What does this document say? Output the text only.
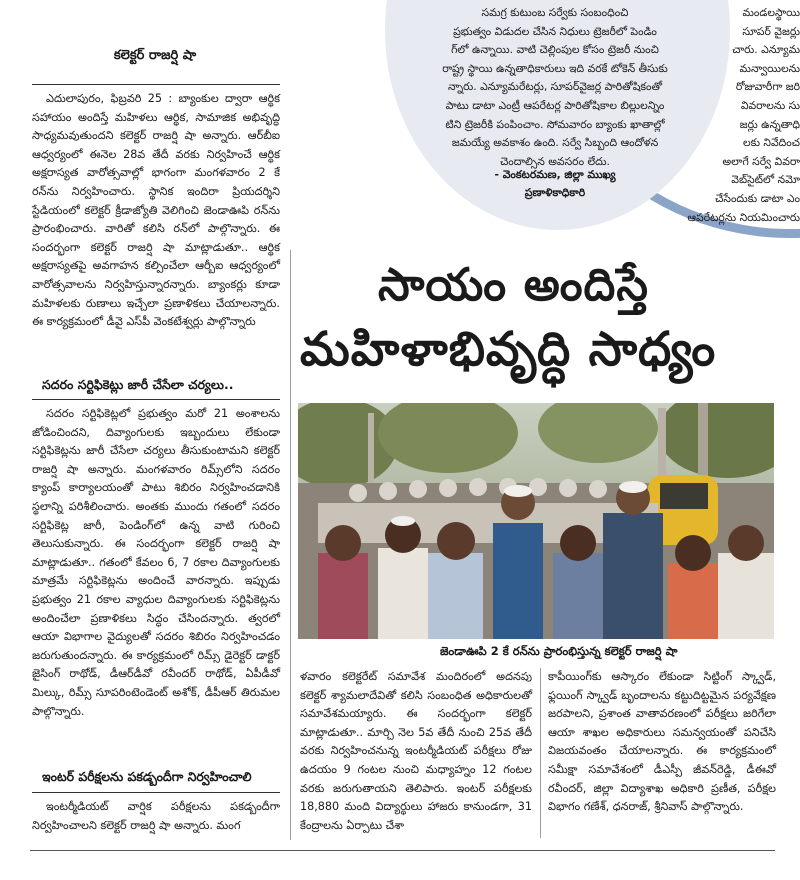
సమగ్ర కుటుంబ సర్వేకు సంబంధించి
ప్రభుత్వం విడుదల చేసిన నిధులు ట్రెజరీలో పెండిం
గ్‌లో ఉన్నాయి. వాటి చెల్లింపుల కోసం ట్రెజరీ నుంచి
రాష్ట్ర స్థాయి ఉన్నతాధికారులు ఇది వరకే టోకెన్ తీసుకు
న్నారు. ఎన్యూమరేటర్లు, సూపర్‌వైజర్ల పారితోషికంతో
పాటు డాటా ఎంట్రీ ఆపరేటర్ల పారితోషికాల బిల్లులన్నిం
టిని ట్రెజరీకి పంపించాం. సోమవారం బ్యాంకు ఖాతాల్లో
జమయ్యే అవకాశం ఉంది. సర్వే సిబ్బంది ఆందోళన
చెందాల్సిన అవసరం లేదు.
- వెంకటరమణ, జిల్లా ముఖ్య
ప్రణాళికాధికారి
మండలస్థాయి
సూపర్ వైజర్లు
చారు. ఎన్యూమ
మన్వాయిలను
రోజువారీగా జరి
వివరాలను సు
జర్లు ఉన్నతాధి
లకు నివేదించ
అలాగే సర్వే వివరా
వెబ్‌సైట్‌లో నమో
చేసేందుకు డాటా ఎం
ఆపరేటర్లను నియమించారు
కలెక్టర్ రాజర్షి షా

ఎదులాపురం, ఫిబ్రవరి 25 : బ్యాంకుల ద్వారా ఆర్థిక సహాయం అందిస్తే మహిళలు ఆర్థిక, సామాజిక అభివృద్ధి సాధ్యమవుతుందని కలెక్టర్ రాజర్షి షా అన్నారు. ఆర్‌బీఐ ఆధ్వర్యంలో ఈనెల 28వ తేదీ వరకు నిర్వహించే ఆర్థిక అక్షరాస్యత వారోత్సవాల్లో భాగంగా మంగళవారం 2 కే రన్‌ను నిర్వహించారు. స్థానిక ఇందిరా ప్రియదర్శిని స్టేడియంలో కలెక్టర్ క్రీడాజ్యోతి వెలిగించి జెండాఊపి రన్‌ను ప్రారంభించారు. వారితో కలిసి రన్‌లో పాల్గొన్నారు. ఈ సందర్భంగా కలెక్టర్ రాజర్షి షా మాట్లాడుతూ.. ఆర్థిక అక్షరాస్యతపై అవగాహన కల్పించేలా ఆర్బీఐ ఆధ్వర్యంలో వారోత్సవాలను నిర్వహిస్తున్నారన్నారు. బ్యాంకర్లు కూడా మహిళలకు రుణాలు ఇచ్చేలా ప్రణాళికలు చేయాలన్నారు. ఈ కార్యక్రమంలో డీవై ఎస్‌పీ వెంకటేశ్వర్లు పాల్గొన్నారు

సదరం సర్టిఫికెట్లు జారీ చేసేలా చర్యలు..

సదరం సర్టిఫికెట్లలో ప్రభుత్వం మరో 21 అంశాలను జోడించిందని, దివ్యాంగులకు ఇబ్బందులు లేకుండా సర్టిఫికెట్లను జారీ చేసేలా చర్యలు తీసుకుంటామని కలెక్టర్ రాజర్షి షా అన్నారు. మంగళవారం రిమ్స్‌లోని సదరం క్యాంప్ కార్యాలయంతో పాటు శిబిరం నిర్వహించడానికి స్థలాన్ని పరిశీలించారు. అంతకు ముందు గతంలో సదరం సర్టిఫికెట్ల జారీ, పెండింగ్‌లో ఉన్న వాటి గురించి తెలుసుకున్నారు. ఈ సందర్భంగా కలెక్టర్ రాజర్షి షా మాట్లాడుతూ.. గతంలో కేవలం 6, 7 రకాల దివ్యాంగులకు మాత్రమే సర్టిఫికెట్లను అందించే వారన్నారు. ఇప్పుడు ప్రభుత్వం 21 రకాల వ్యాధుల దివ్యాంగులకు సర్టిఫికెట్లను అందించేలా ప్రణాళికలు సిద్ధం చేసిందన్నారు. త్వరలో ఆయా విభాగాల వైద్యులతో సదరం శిబిరం నిర్వహించడం జరుగుతుందన్నారు. ఈ కార్యక్రమంలో రిమ్స్ డైరెక్టర్ డాక్టర్ జైసింగ్ రాథోడ్, డీఆర్‌డీవో రవీందర్ రాథోడ్, ఏపీడీవో మిల్కు, రిమ్స్ సూపరింటెండెంట్ అశోక్, డీపీఆర్ తిరుమల పాల్గొన్నారు.

ఇంటర్ పరీక్షలను పకడ్బందీగా నిర్వహించాలి

ఇంటర్మీడియట్ వార్షిక పరీక్షలను పకడ్బందీగా నిర్వహించాలని కలెక్టర్ రాజర్షి షా అన్నారు. మంగ

సాయం అందిస్తే
మహిళాభివృద్ధి సాధ్యం
జెండాఊపి 2 కే రన్‌ను ప్రారంభిస్తున్న కలెక్టర్ రాజర్షి షా

ళవారం కలెక్టరేట్ సమావేశ మందిరంలో అదనపు కలెక్టర్ శ్యామలాదేవితో కలిసి సంబంధిత అధికారులతో సమావేశమయ్యారు. ఈ సందర్భంగా కలెక్టర్ మాట్లాడుతూ.. మార్చి నెల 5వ తేదీ నుంచి 25వ తేదీ వరకు నిర్వహించనున్న ఇంటర్మీడియట్ పరీక్షలు రోజు ఉదయం 9 గంటల నుంచి మధ్యాహ్నం 12 గంటల వరకు జరుగుతాయని తెలిపారు. ఇంటర్ పరీక్షలకు 18,880 మంది విద్యార్థులు హాజరు కానుండగా, 31 కేంద్రాలను ఏర్పాటు చేశా

కాపీయింగ్‌కు ఆస్కారం లేకుండా సిట్టింగ్ స్క్వాడ్, ఫ్లయింగ్ స్క్వాడ్ బృందాలను కట్టుదిట్టమైన పర్యవేక్షణ జరపాలని, ప్రశాంత వాతావరణంలో పరీక్షలు జరిగేలా ఆయా శాఖల అధికారులు సమన్వయంతో పనిచేసి విజయవంతం చేయాలన్నారు. ఈ కార్యక్రమంలో సమీక్షా సమావేశంలో డీఎస్పీ జీవన్‌రెడ్డి, డీఈవో రవీందర్, జిల్లా విద్యాశాఖ అధికారి ప్రణీత, పరీక్షల విభాగం గణేశ్, ధనరాజ్, శ్రీనివాస్ పాల్గొన్నారు.
